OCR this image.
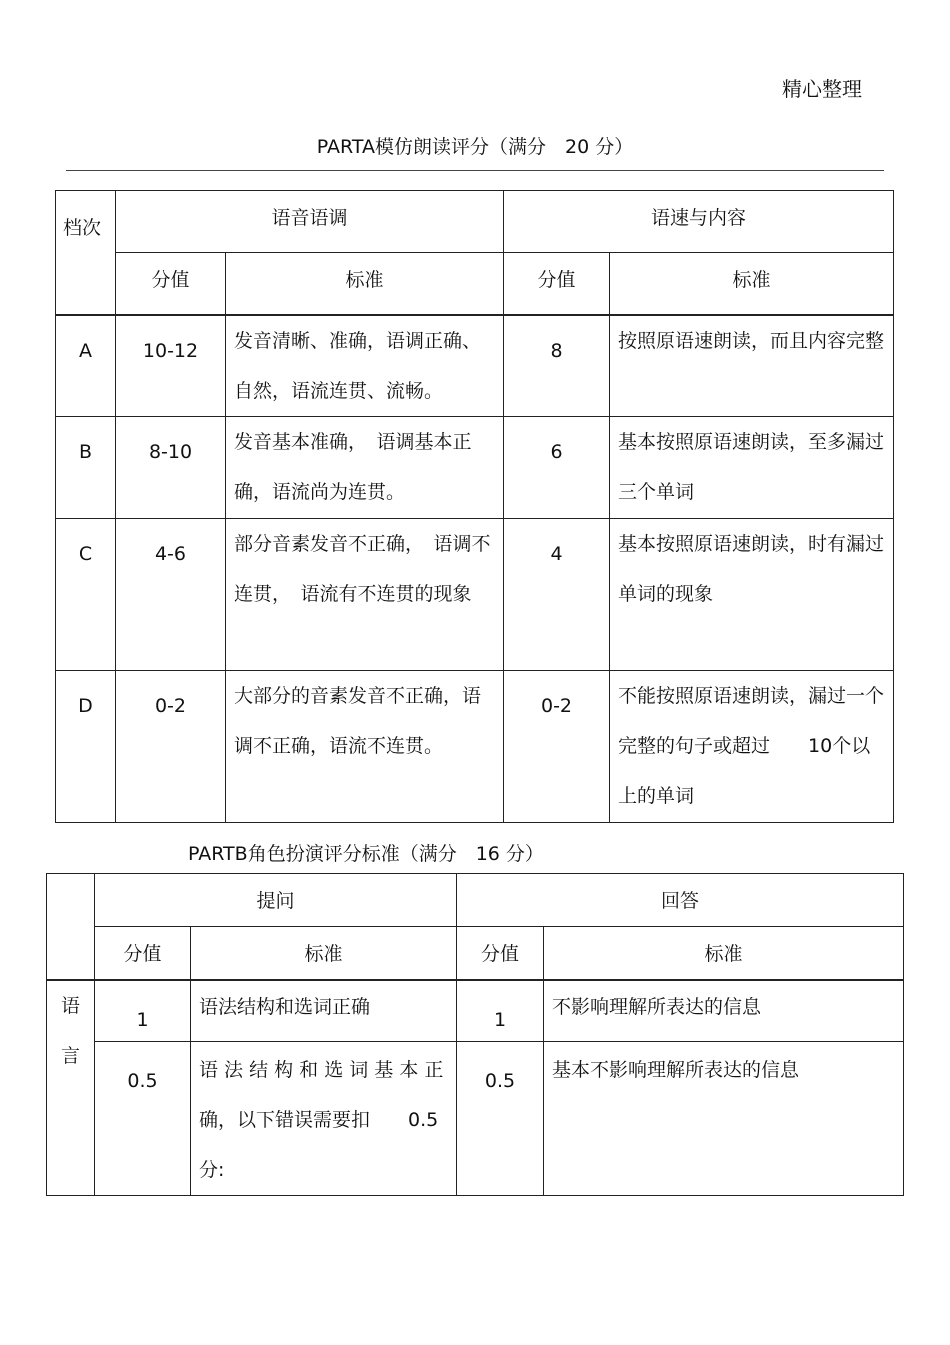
精心整理
PARTA模仿朗读评分（满分　20 分）
档次	语音语调		语速与内容	
	分值	标准	分值	标准
A	10-12	发音清晰、准确，语调正确、自然，语流连贯、流畅。	8	按照原语速朗读，而且内容完整
B	8-10	发音基本准确，　语调基本正确，语流尚为连贯。	6	基本按照原语速朗读，至多漏过三个单词
C	4-6	部分音素发音不正确，　语调不连贯，　语流有不连贯的现象	4	基本按照原语速朗读，时有漏过单词的现象
D	0-2	大部分的音素发音不正确，语调不正确，语流不连贯。	0-2	不能按照原语速朗读，漏过一个完整的句子或超过　　10个以上的单词
PARTB角色扮演评分标准（满分　16 分）
	提问		回答	
	分值	标准	分值	标准
语言	1	语法结构和选词正确	1	不影响理解所表达的信息
	0.5	语 法 结 构 和 选 词 基 本 正 确，以下错误需要扣　　0.5分:	0.5	基本不影响理解所表达的信息
